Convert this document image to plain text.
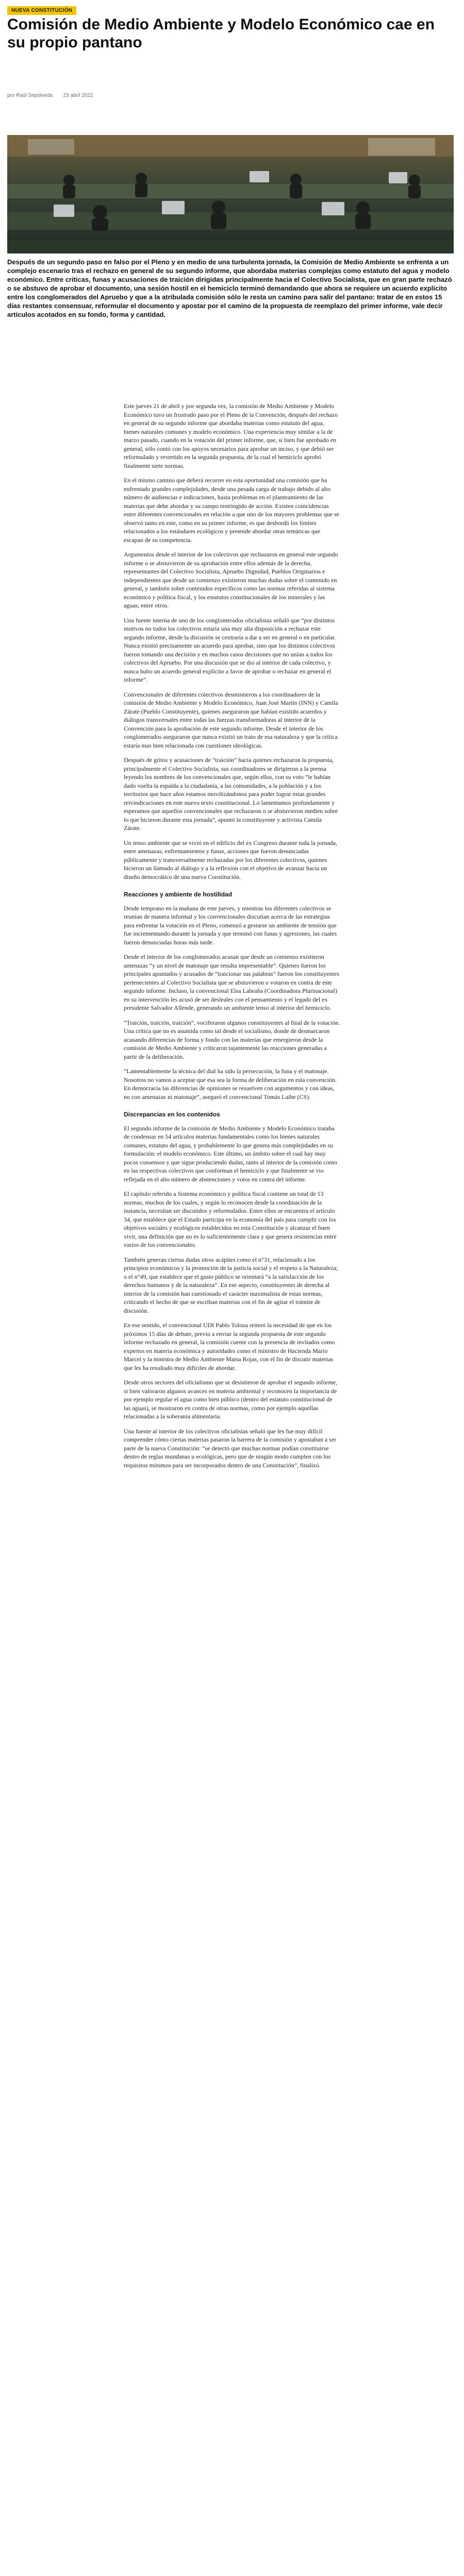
NUEVA CONSTITUCIÓN
Comisión de Medio Ambiente y Modelo Económico cae en su propio pantano

por Raúl Sepúlveda 23 abril 2022

Después de un segundo paso en falso por el Pleno y en medio de una turbulenta jornada, la Comisión de Medio Ambiente se enfrenta a un complejo escenario tras el rechazo en general de su segundo informe, que abordaba materias complejas como estatuto del agua y modelo económico. Entre críticas, funas y acusaciones de traición dirigidas principalmente hacia el Colectivo Socialista, que en gran parte rechazó o se abstuvo de aprobar el documento, una sesión hostil en el hemiciclo terminó demandando que ahora se requiere un acuerdo explícito entre los conglomerados del Apruebo y que a la atribulada comisión sólo le resta un camino para salir del pantano: tratar de en estos 15 días restantes consensuar, reformular el documento y apostar por el camino de la propuesta de reemplazo del primer informe, vale decir artículos acotados en su fondo, forma y cantidad.

Este jueves 21 de abril y por segunda vez, la comisión de Medio Ambiente y Modelo Económico tuvo un frustrado paso por el Pleno de la Convención, después del rechazo en general de su segundo informe que abordaba materias como estatuto del agua, bienes naturales comunes y modelo económico. Una experiencia muy similar a la de marzo pasado, cuando en la votación del primer informe, que, si bien fue aprobado en general, sólo contó con los apoyos necesarios para aprobar un inciso, y que debió ser reformulado y revertido en la segunda propuesta, de la cual el hemiciclo aprobó finalmente siete normas.

En el mismo camino que deberá recorrer en esta oportunidad una comisión que ha enfrentado grandes complejidades, desde una pesada carga de trabajo debido al alto número de audiencias e indicaciones, hasta problemas en el planteamiento de las materias que debe abordar y su campo restringido de acción. Existen coincidencias entre diferentes convencionales en relación a que uno de los mayores problemas que se observó tanto en este, como en su primer informe, es que desbordó los límites relacionados a los estándares ecológicos y pretende abordar otras temáticas que escapan de su competencia.

Argumentos desde el interior de los colectivos que rechazaron en general este segundo informe o se abstuvieron de su aprobación entre ellos además de la derecha, representantes del Colectivo Socialista, Apruebo Dignidad, Pueblos Originarios e independientes que desde un comienzo existieron muchas dudas sobre el contenido en general, y también sobre contenidos específicos como las normas referidas al sistema económico y política fiscal, y los estatutos constitucionales de los minerales y las aguas, entre otros.

Una fuente interna de uno de los conglomerados oficialistas señaló que “por distintos motivos no todos los colectivos estaría una muy alta disposición a rechazar este segundo informe, desde la discusión se centraría a dar a ser en general o en particular. Nunca existió precisamente un acuerdo para aprobar, sino que los distintos colectivos fueron tomando una decisión y en muchos casos decisiones que no unían a todos los colectivos del Apruebo. Por una discusión que se dio al interior de cada colectivo, y nunca hubo un acuerdo general explícito a favor de aprobar o rechazar en general el informe”.

Convencionales de diferentes colectivos desmintieron a los coordinadores de la comisión de Medio Ambiente y Modelo Económico, Juan José Martín (INN) y Camila Zárate (Pueblo Constituyente), quienes aseguraron que habían existido acuerdos y diálogos transversales entre todas las fuerzas transformadoras al interior de la Convención para la aprobación de este segundo informe. Desde el interior de los conglomerados aseguraron que nunca existió un trato de esa naturaleza y que la crítica estaría mas bien relacionada con cuestiones ideológicas.

Después de gritos y acusaciones de “traición” hacia quienes rechazaron la propuesta, principalmente el Colectivo Socialista, sus coordinadores se dirigieron a la prensa leyendo los nombres de los convencionales que, según ellos, con su voto “le habían dado vuelta la espalda a la ciudadanía, a las comunidades, a la población y a los territorios que hace años estamos movilizándonos para poder lograr estas grandes reivindicaciones en este nuevo texto constitucional. Lo lamentamos profundamente y esperamos que aquellos convencionales que rechazaron o se abstuvieron medien sobre lo que hicieron durante esta jornada”, apuntó la constituyente y activista Camila Zárate.

Un tenso ambiente que se vivió en el edificio del ex Congreso durante toda la jornada, entre amenazas, enfrentamientos y funas, acciones que fueron denunciadas públicamente y transversalmente rechazadas por los diferentes colectivos, quienes hicieron un llamado al diálogo y a la reflexión con el objetivo de avanzar hacia un diseño democrático de una nueva Constitución.

Reacciones y ambiente de hostilidad

Desde temprano en la mañana de este jueves, y mientras los diferentes colectivos se reunían de manera informal y los convencionales discutían acerca de las estrategias para enfrentar la votación en el Pleno, comenzó a gestarse un ambiente de tensión que fue incrementando durante la jornada y que terminó con funas y agresiones, las cuales fueron denunciadas horas más tarde.

Desde el interior de los conglomerados acusan que desde un comienzo existieron amenazas “y un nivel de matonaje que resulta impresentable”. Quienes fueron los principales apuntados y acusados de “traicionar sus palabras” fueron los constituyentes pertenecientes al Colectivo Socialista que se abstuvieron o votaron en contra de este segundo informe. Incluso, la convencional Elsa Labraña (Coordinadora Plurinacional) en su intervención les acusó de ser desleales con el pensamiento y el legado del ex presidente Salvador Allende, generando un ambiente tenso al interior del hemiciclo.

“Traición, traición, traición”, vociferaron algunos constituyentes al final de la votación. Una crítica que no es asumida como tal desde el socialismo, donde de desmarcaron acusando diferencias de forma y fondo con las materias que emergieron desde la comisión de Medio Ambiente y críticaron tajantemente las reacciones generadas a partir de la deliberación.

“Lamentablemente la técnica del dial ha sido la persecución, la funa y el matonaje. Nosotros no vamos a aceptar que esa sea la forma de deliberación en esta convención. En democracia las diferencias de opiniones se resuelven con argumentos y con ideas, no con amenazas ni matonaje”, aseguró el convencional Tomás Laibe (CS).

Discrepancias en los contenidos

El segundo informe de la comisión de Medio Ambiente y Modelo Económico trataba de condensar en 54 artículos materias fundamentales como los bienes naturales comunes, estatuto del agua, y probablemente lo que genera más complejidades en su formulación: el modelo económico. Este último, un ámbito sobre el cual hay muy pocos consensos y que sigue produciendo dudas, tanto al interior de la comisión como en las respectivas colectivos que conforman el hemiciclo y que finalmente se vio reflejada en el alto número de abstenciones y votos en contra del informe.

El capítulo referido a Sistema económico y política fiscal contiene un total de 13 normas, muchos de los cuales, y según lo reconocen desde la coordinación de la instancia, necesitan ser discutidos y reformulados. Entre ellos se encuentra el artículo 34, que establece que el Estado participa en la economía del país para cumplir con los objetivos sociales y ecológicos establecidos en esta Constitución y alcanzar el buen vivir, una definición que no es lo suficientemente clara y que genera resistencias entre varios de los convencionales.

También generan ciertas dudas otros acápites como el n°31, relacionado a los principios económicos y la promoción de la justicia social y el respeto a la Naturaleza; o el n°49, que establece que el gasto público se orientará “a la satisfacción de los derechos humanos y de la naturaleza”. En ese aspecto, constituyentes de derecha al interior de la comisión han cuestionado el carácter maximalista de estas normas, criticando el hecho de que se escriban materias con el fin de agitar el trámite de discusión.

En ese sentido, el convencional UDI Pablo Toloza reiteró la necesidad de que en los próximos 15 días de debate, previo a enviar la segunda propuesta de este segundo informe rechazado en general, la comisión cuente con la presencia de invitados como expertos en materia económica y autoridades como el ministro de Hacienda Mario Marcel y la ministra de Medio Ambiente Maisa Rojas, con el fin de discutir materias que les ha resultado muy difíciles de abordar.

Desde otros sectores del oficialismo que se desistieron de aprobar el segundo informe, si bien valoraron algunos avances en materia ambiental y reconocen la importancia de por ejemplo regular el agua como bien público (dentro del estatuto constitucional de las aguas), se mostraron en contra de otras normas, como por ejemplo aquellas relacionadas a la soberanía alimentaria.

Una fuente al interior de los colectivos oficialistas señaló que les fue muy difícil comprender cómo ciertas materias pasaron la barrera de la comisión y apostaban a ser parte de la nueva Constitución: “se detectó que muchas normas podían constituirse dentro de reglas mundanas u ecológicas, pero que de ningún modo cumplen con los requisitos mínimos para ser incorporados dentro de una Constitución”, finalizó.
